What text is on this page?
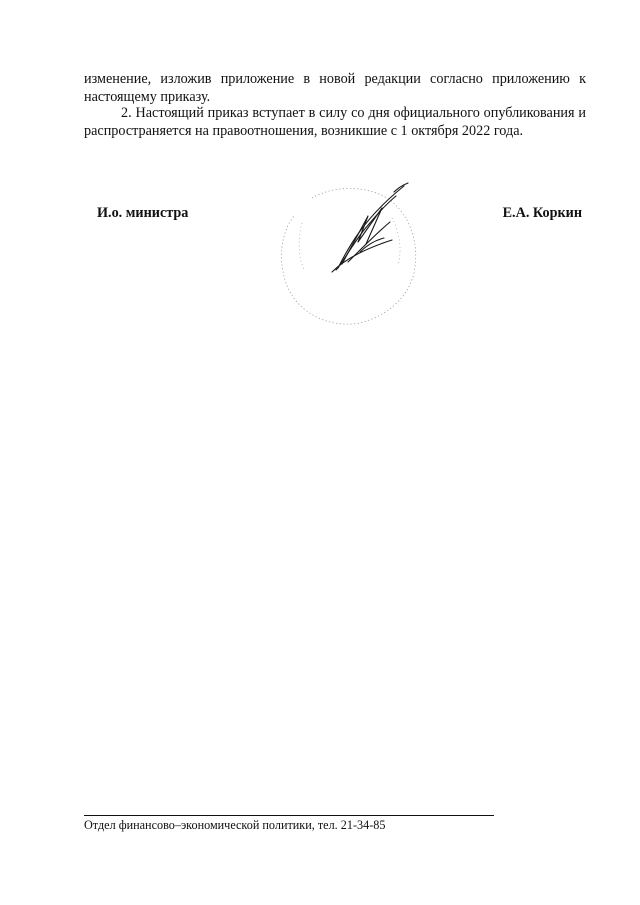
изменение, изложив приложение в новой редакции согласно приложению к настоящему приказу.

2. Настоящий приказ вступает в силу со дня официального опубликования и распространяется на правоотношения, возникшие с 1 октября 2022 года.

И.о. министра	Е.А. Коркин
Отдел финансово–экономической политики, тел. 21-34-85
